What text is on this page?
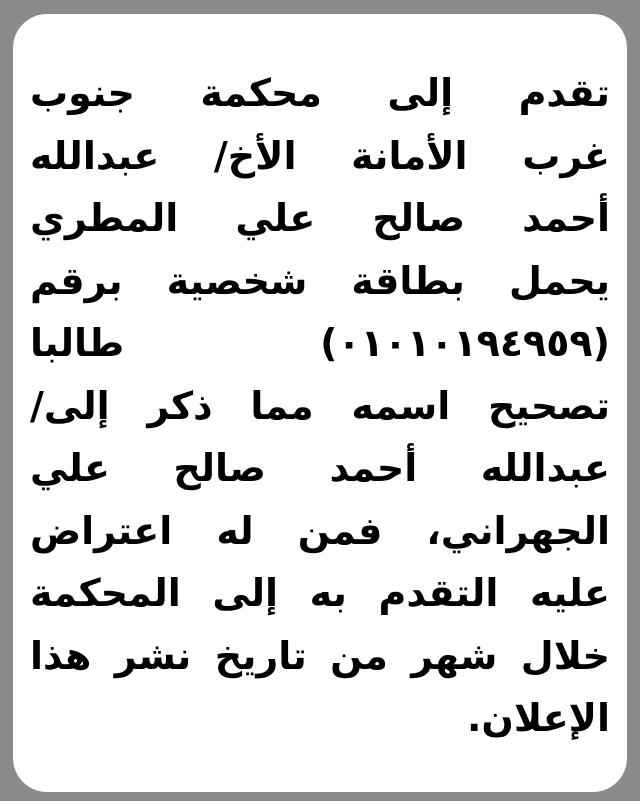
تقدم إلى محكمة جنوب
غرب الأمانة الأخ/ عبدالله
أحمد صالح علي المطري
يحمل بطاقة شخصية برقم
(٠١٠١٠١٩٤٩٥٩) طالبا
تصحيح اسمه مما ذكر إلى/
عبدالله أحمد صالح علي
الجهراني، فمن له اعتراض
عليه التقدم به إلى المحكمة
خلال شهر من تاريخ نشر هذا
الإعلان.
